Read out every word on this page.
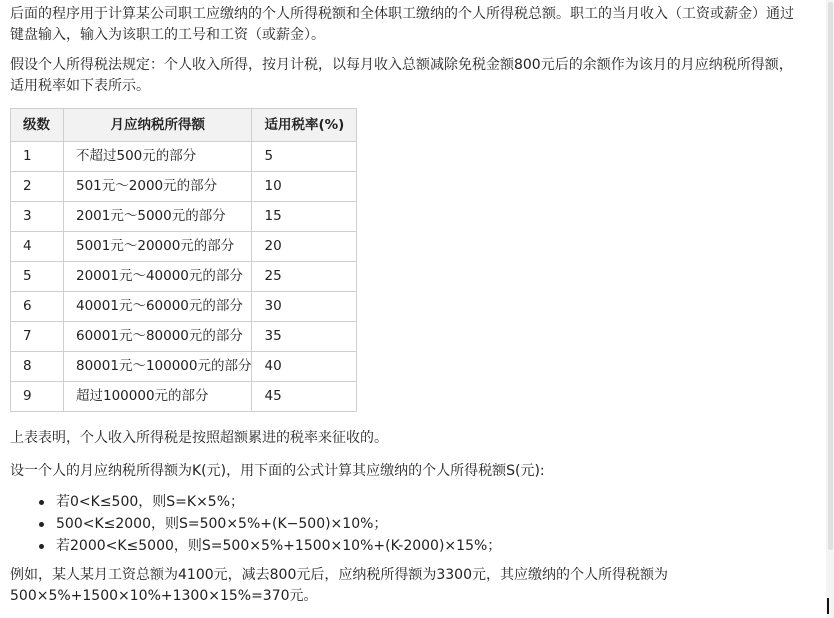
后面的程序用于计算某公司职工应缴纳的个人所得税额和全体职工缴纳的个人所得税总额。职工的当月收入（工资或薪金）通过键盘输入，输入为该职工的工号和工资（或薪金）。

假设个人所得税法规定：个人收入所得，按月计税，以每月收入总额减除免税金额800元后的余额作为该月的月应纳税所得额，适用税率如下表所示。

级数	月应纳税所得额	适用税率(%)
1	不超过500元的部分	5
2	501元～2000元的部分	10
3	2001元～5000元的部分	15
4	5001元～20000元的部分	20
5	20001元～40000元的部分	25
6	40001元～60000元的部分	30
7	60001元～80000元的部分	35
8	80001元～100000元的部分	40
9	超过100000元的部分	45

上表表明，个人收入所得税是按照超额累进的税率来征收的。

设一个人的月应纳税所得额为K(元)，用下面的公式计算其应缴纳的个人所得税额S(元):

若0<K≤500，则S=K×5%；
500<K≤2000，则S=500×5%+(K−500)×10%；
若2000<K≤5000，则S=500×5%+1500×10%+(K-2000)×15%；

例如，某人某月工资总额为4100元，减去800元后，应纳税所得额为3300元，其应缴纳的个人所得税额为500×5%+1500×10%+1300×15%=370元。
